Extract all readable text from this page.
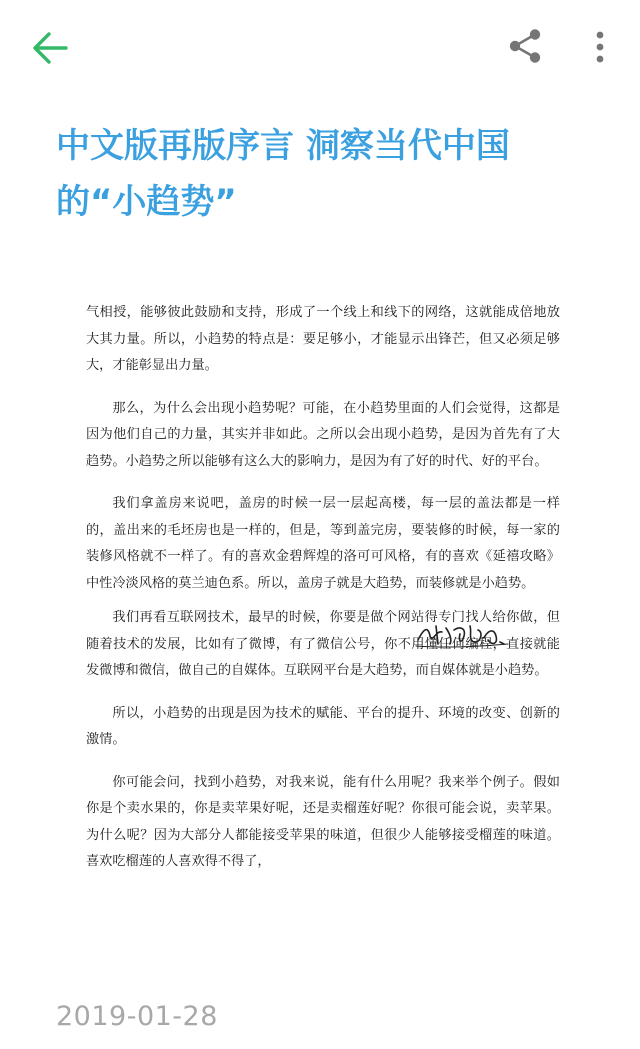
中文版再版序言 洞察当代中国的“小趋势”

气相授，能够彼此鼓励和支持，形成了一个线上和线下的网络，这就能成倍地放大其力量。所以，小趋势的特点是：要足够小，才能显示出锋芒，但又必须足够大，才能彰显出力量。

那么，为什么会出现小趋势呢？可能，在小趋势里面的人们会觉得，这都是因为他们自己的力量，其实并非如此。之所以会出现小趋势，是因为首先有了大趋势。小趋势之所以能够有这么大的影响力，是因为有了好的时代、好的平台。

我们拿盖房来说吧，盖房的时候一层一层起高楼，每一层的盖法都是一样的，盖出来的毛坯房也是一样的，但是，等到盖完房，要装修的时候，每一家的装修风格就不一样了。有的喜欢金碧辉煌的洛可可风格，有的喜欢《延禧攻略》中性冷淡风格的莫兰迪色系。所以，盖房子就是大趋势，而装修就是小趋势。

我们再看互联网技术，最早的时候，你要是做个网站得专门找人给你做，但随着技术的发展，比如有了微博，有了微信公号，你不用懂任何编程，直接就能发微博和微信，做自己的自媒体。互联网平台是大趋势，而自媒体就是小趋势。

所以，小趋势的出现是因为技术的赋能、平台的提升、环境的改变、创新的激情。

你可能会问，找到小趋势，对我来说，能有什么用呢？我来举个例子。假如你是个卖水果的，你是卖苹果好呢，还是卖榴莲好呢？你很可能会说，卖苹果。为什么呢？因为大部分人都能接受苹果的味道，但很少人能够接受榴莲的味道。喜欢吃榴莲的人喜欢得不得了，

2019-01-28
